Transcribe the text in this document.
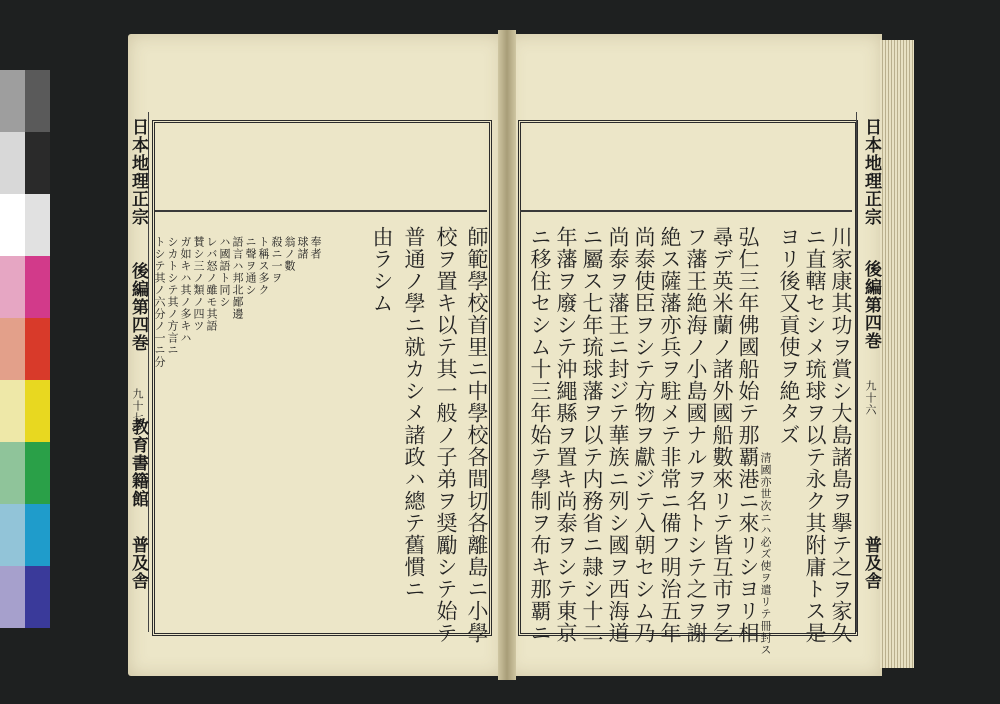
日本地理正宗
後編第四巻
九十七
教育書籍館
普及舎
トシテ其ノ六分ノ一ニ分 シカトシテ其ノ方言ニ ガ如キハ其ノ多キハ 賛シ三ノ類ノ四ツ レバ怒ノ雖モ其語 ハ國語ト同シ 語言ハ邦北鄙邊 ニ聲ヲ通シ ト稱ス多ク 殺ニ一ヲ 翁ノ數 球諸 奉者	師範學校首里ニ中學校各間切各離島ニ小學
校ヲ置キ以テ其一般ノ子弟ヲ奨勵シテ始テ
普通ノ學ニ就カシメ諸政ハ總テ舊慣ニ
由ラシム
日本地理正宗
後編第四巻
九十六
普及舎
川家康其功ヲ賞シ大島諸島ヲ擧テ之ヲ家久
ニ直轄セシメ琉球ヲ以テ永ク其附庸トス是
ヨリ後又貢使ヲ絶タズ
清國亦世次ニハ必ズ使ヲ遣リテ冊封ス
弘仁三年佛國船始テ那覇港ニ來リシヨリ相
尋デ英米蘭ノ諸外國船數來リテ皆互市ヲ乞
フ藩王絶海ノ小島國ナルヲ名トシテ之ヲ謝
絶ス薩藩亦兵ヲ駐メテ非常ニ備フ明治五年
尚泰使臣ヲシテ方物ヲ獻ジテ入朝セシム乃
尚泰ヲ藩王ニ封ジテ華族ニ列シ國ヲ西海道
ニ屬ス七年琉球藩ヲ以テ内務省ニ隷シ十二
年藩ヲ廢シテ沖繩縣ヲ置キ尚泰ヲシテ東京
ニ移住セシム十三年始テ學制ヲ布キ那覇ニ
